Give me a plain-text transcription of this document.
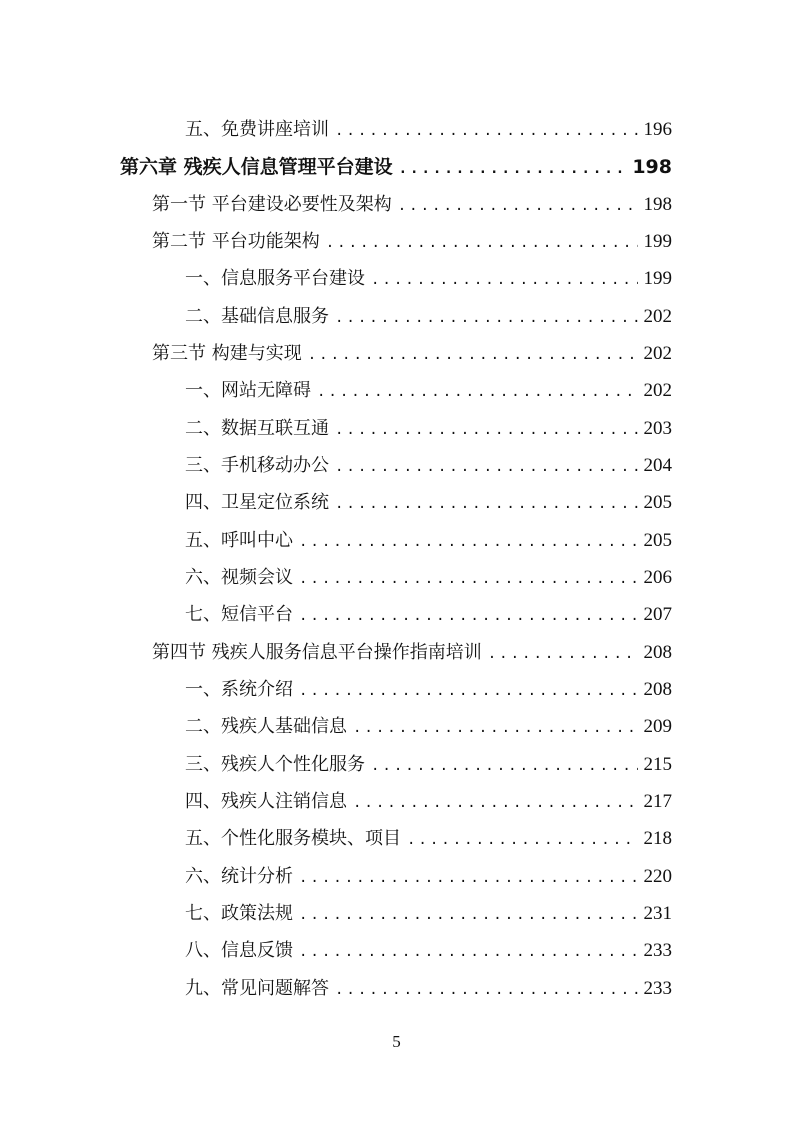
五、免费讲座培训 .....	196
第六章 残疾人信息管理平台建设 .....	198
第一节 平台建设必要性及架构 .....	198
第二节 平台功能架构 .....	199
一、信息服务平台建设 .....	199
二、基础信息服务 .....	202
第三节 构建与实现 .....	202
一、网站无障碍 .....	202
二、数据互联互通 .....	203
三、手机移动办公 .....	204
四、卫星定位系统 .....	205
五、呼叫中心 .....	205
六、视频会议 .....	206
七、短信平台 .....	207
第四节 残疾人服务信息平台操作指南培训 .....	208
一、系统介绍 .....	208
二、残疾人基础信息 .....	209
三、残疾人个性化服务 .....	215
四、残疾人注销信息 .....	217
五、个性化服务模块、项目 .....	218
六、统计分析 .....	220
七、政策法规 .....	231
八、信息反馈 .....	233
九、常见问题解答 .....	233
5
